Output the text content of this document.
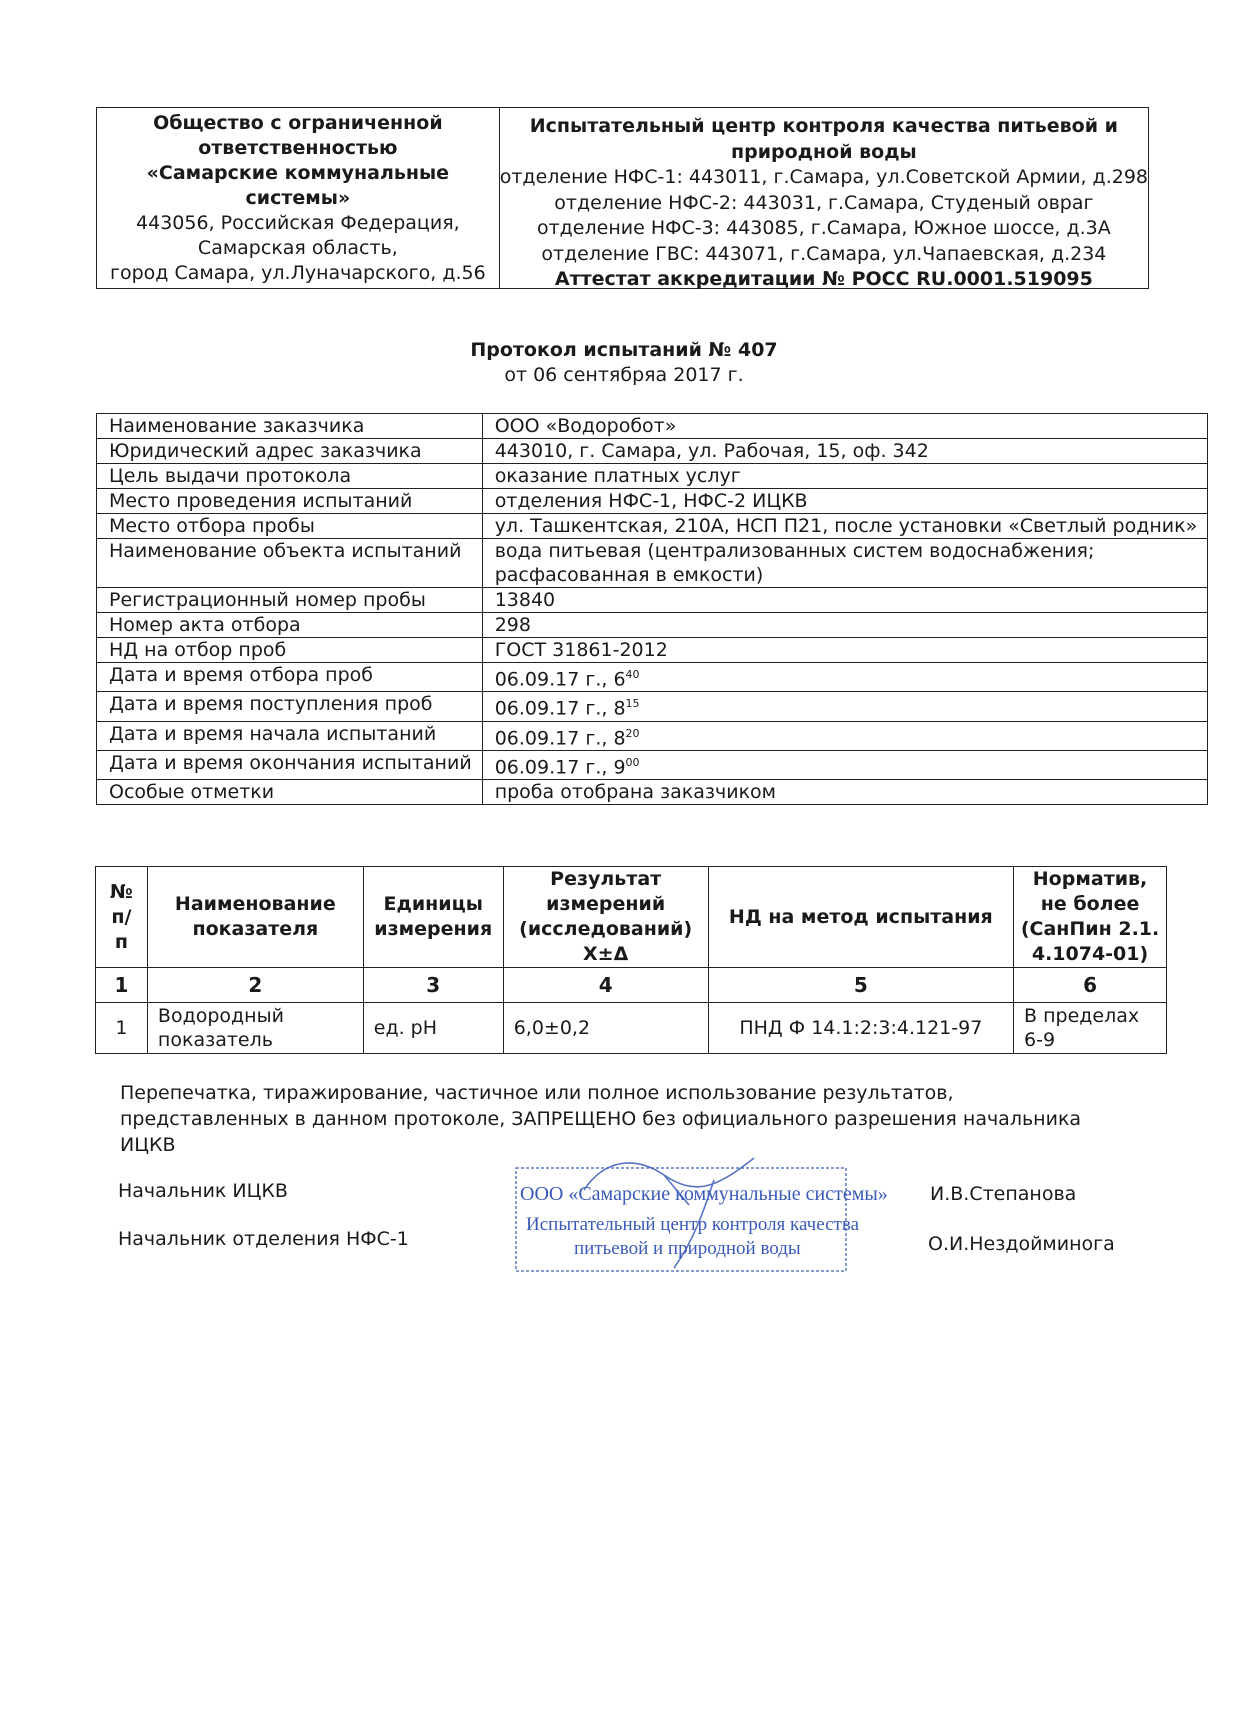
Общество с ограниченной
ответственностью
«Самарские коммунальные
системы»
443056, Российская Федерация,
Самарская область,
город Самара, ул.Луначарского, д.56
Испытательный центр контроля качества питьевой и
природной воды
отделение НФС-1: 443011, г.Самара, ул.Советской Армии, д.298
отделение НФС-2: 443031, г.Самара, Студеный овраг
отделение НФС-3: 443085, г.Самара, Южное шоссе, д.3А
отделение ГВС: 443071, г.Самара, ул.Чапаевская, д.234
Аттестат аккредитации № РОСС RU.0001.519095
Протокол испытаний № 407
от 06 сентябряа 2017 г.
Наименование заказчика	ООО «Водоробот»
Юридический адрес заказчика	443010, г. Самара, ул. Рабочая, 15, оф. 342
Цель выдачи протокола	оказание платных услуг
Место проведения испытаний	отделения НФС-1, НФС-2 ИЦКВ
Место отбора пробы	ул. Ташкентская, 210А, НСП П21, после установки «Светлый родник»
Наименование объекта испытаний	вода питьевая (централизованных систем водоснабжения; расфасованная в емкости)
Регистрационный номер пробы	13840
Номер акта отбора	298
НД на отбор проб	ГОСТ 31861-2012
Дата и время отбора проб	06.09.17 г., $6^{40}$
Дата и время поступления проб	06.09.17 г., $8^{15}$
Дата и время начала испытаний	06.09.17 г., $8^{20}$
Дата и время окончания испытаний	06.09.17 г., $9^{00}$
Особые отметки	проба отобрана заказчиком
№ п/ п	Наименование показателя	Единицы измерения	Результат измерений (исследований) X±Δ	НД на метод испытания	Норматив, не более (СанПин 2.1. 4.1074-01)
1	2	3	4	5	6
1	Водородный показатель	ед. pH	6,0±0,2	ПНД Ф 14.1:2:3:4.121-97	В пределах 6-9
Перепечатка, тиражирование, частичное или полное использование результатов, представленных в данном протоколе, ЗАПРЕЩЕНО без официального разрешения начальника ИЦКВ
Начальник ИЦКВ	И.В.Степанова
Начальник отделения НФС-1	О.И.Нездойминога
ООО «Самарские коммунальные системы»
Испытательный центр контроля качества
питьевой и природной воды
